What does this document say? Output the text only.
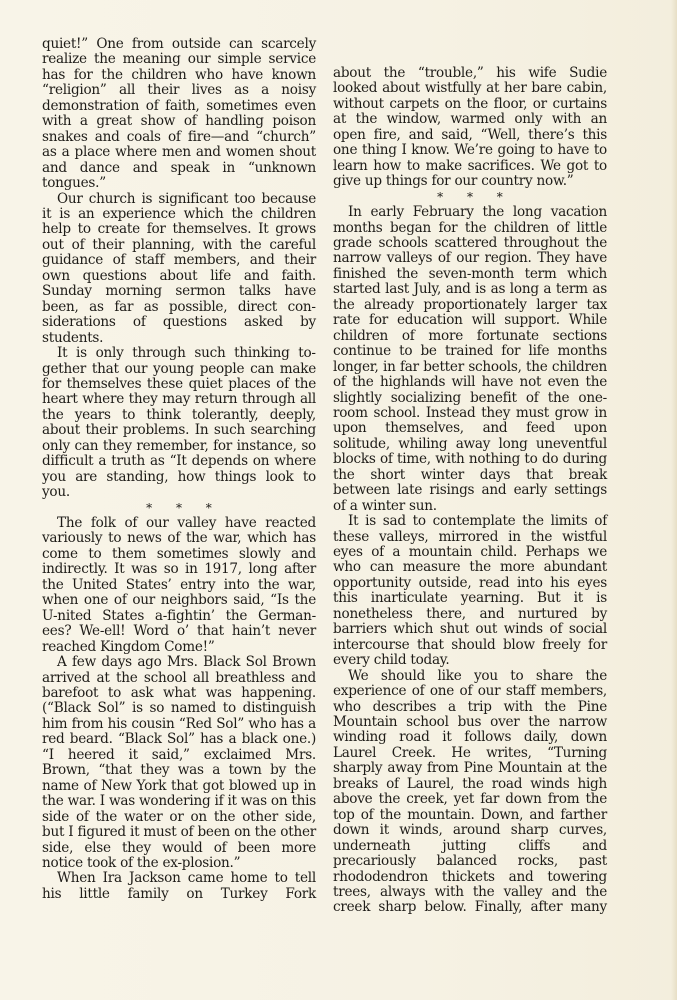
quiet!” One from outside can scarcely realize the meaning our simple service has for the children who have known “religion” all their lives as a noisy demonstration of faith, sometimes even with a great show of handling poison snakes and coals of fire—and “church” as a place where men and women shout and dance and speak in “unknown tongues.”

Our church is significant too because it is an experience which the children help to create for themselves. It grows out of their planning, with the careful guidance of staff members, and their own questions about life and faith. Sunday morning sermon talks have been, as far as possible, direct considerations of questions asked by students.

It is only through such thinking together that our young people can make for themselves these quiet places of the heart where they may return through all the years to think tolerantly, deeply, about their problems. In such searching only can they remember, for instance, so difficult a truth as “It depends on where you are standing, how things look to you.

* * *

The folk of our valley have reacted variously to news of the war, which has come to them sometimes slowly and indirectly. It was so in 1917, long after the United States’ entry into the war, when one of our neighbors said, “Is the U-nited States a-fightin’ the German-ees? We-ell! Word o’ that hain’t never reached Kingdom Come!”

A few days ago Mrs. Black Sol Brown arrived at the school all breathless and barefoot to ask what was happening. (“Black Sol” is so named to distinguish him from his cousin “Red Sol” who has a red beard. “Black Sol” has a black one.) “I heered it said,” exclaimed Mrs. Brown, “that they was a town by the name of New York that got blowed up in the war. I was wondering if it was on this side of the water or on the other side, but I figured it must of been on the other side, else they would of been more notice took of the ex-plosion.”

When Ira Jackson came home to tell his little family on Turkey Fork

about the “trouble,” his wife Sudie looked about wistfully at her bare cabin, without carpets on the floor, or curtains at the window, warmed only with an open fire, and said, “Well, there’s this one thing I know. We’re going to have to learn how to make sacrifices. We got to give up things for our country now.”

* * *

In early February the long vacation months began for the children of little grade schools scattered throughout the narrow valleys of our region. They have finished the seven-month term which started last July, and is as long a term as the already proportionately larger tax rate for education will support. While children of more fortunate sections continue to be trained for life months longer, in far better schools, the children of the highlands will have not even the slightly socializing benefit of the one-room school. Instead they must grow in upon themselves, and feed upon solitude, whiling away long uneventful blocks of time, with nothing to do during the short winter days that break between late risings and early settings of a winter sun.

It is sad to contemplate the limits of these valleys, mirrored in the wistful eyes of a mountain child. Perhaps we who can measure the more abundant opportunity outside, read into his eyes this inarticulate yearning. But it is nonetheless there, and nurtured by barriers which shut out winds of social intercourse that should blow freely for every child today.

We should like you to share the experience of one of our staff members, who describes a trip with the Pine Mountain school bus over the narrow winding road it follows daily, down Laurel Creek. He writes, “Turning sharply away from Pine Mountain at the breaks of Laurel, the road winds high above the creek, yet far down from the top of the mountain. Down, and farther down it winds, around sharp curves, underneath jutting cliffs and precariously balanced rocks, past rhododendron thickets and towering trees, always with the valley and the creek sharp below. Finally, after many
